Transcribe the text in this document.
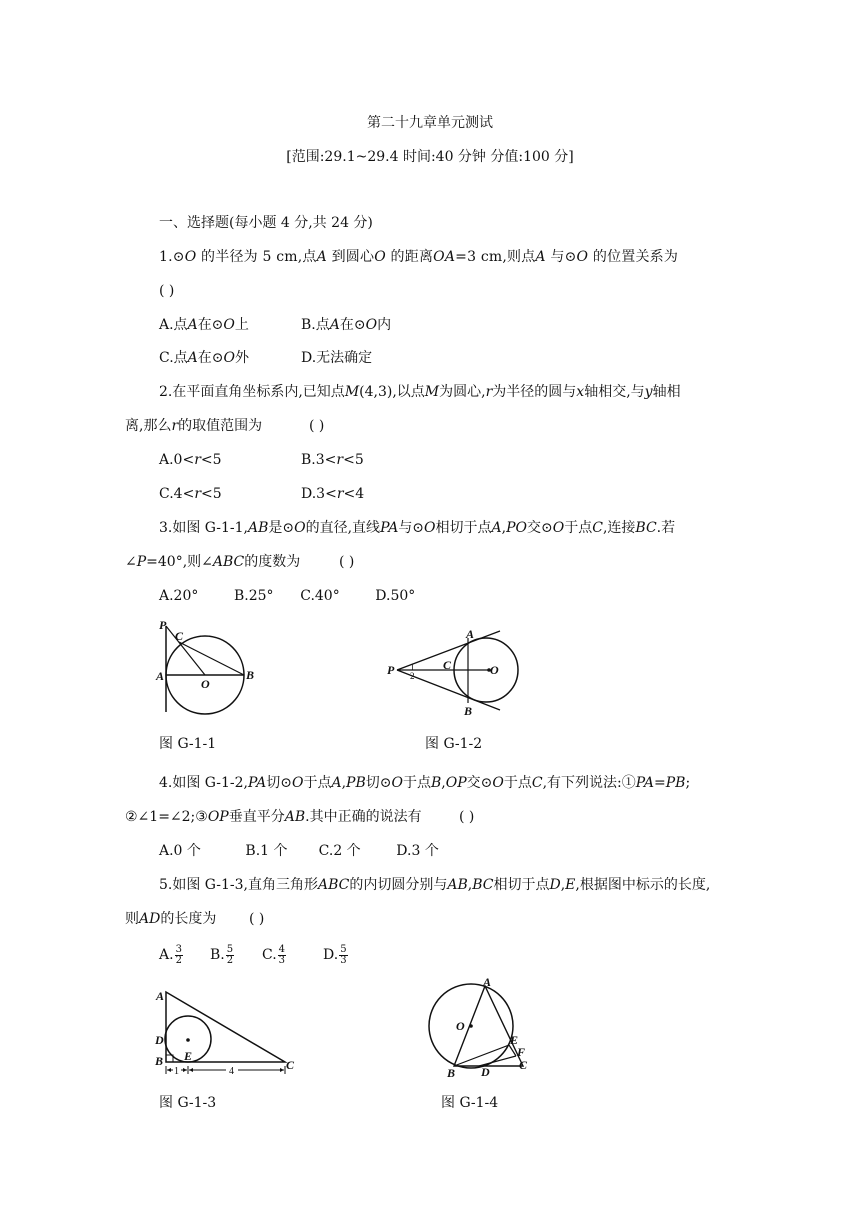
第二十九章单元测试
[范围:29.1~29.4 时间:40 分钟 分值:100 分]
一、选择题(每小题 4 分,共 24 分)
1.⊙O 的半径为 5 cm,点A 到圆心O 的距离OA=3 cm,则点A 与⊙O 的位置关系为
( )
A.点A在⊙O上	B.点A在⊙O内
C.点A在⊙O外	D.无法确定
2.在平面直角坐标系内,已知点M(4,3),以点M为圆心,r为半径的圆与x轴相交,与y轴相
离,那么r的取值范围为	( )
A.0<r<5	B.3<r<5
C.4<r<5	D.3<r<4
3.如图 G-1-1,AB是⊙O的直径,直线PA与⊙O相切于点A,PO交⊙O于点C,连接BC.若
∠P=40°,则∠ABC的度数为	( )
A.20°        B.25°      C.40°        D.50°
P
C
O
A	B
图 G-1-1
P
A
B
C	O
1
2
图 G-1-2
4.如图 G-1-2,PA切⊙O于点A,PB切⊙O于点B,OP交⊙O于点C,有下列说法:①PA=PB;
②∠1=∠2;③OP垂直平分AB.其中正确的说法有	( )
A.0 个          B.1 个       C.2 个        D.3 个
5.如图 G-1-3,直角三角形ABC的内切圆分别与AB,BC相切于点D,E,根据图中标示的长度,
则AD的长度为 ( )
A. $\frac{3}{2} B$. $\frac{5}{2} C$. $\frac{4}{3}$	D. $\frac{5}{3}$
A
D
B E
C
1	4
图 G-1-3
A
O
E
F
B D C
图 G-1-4
